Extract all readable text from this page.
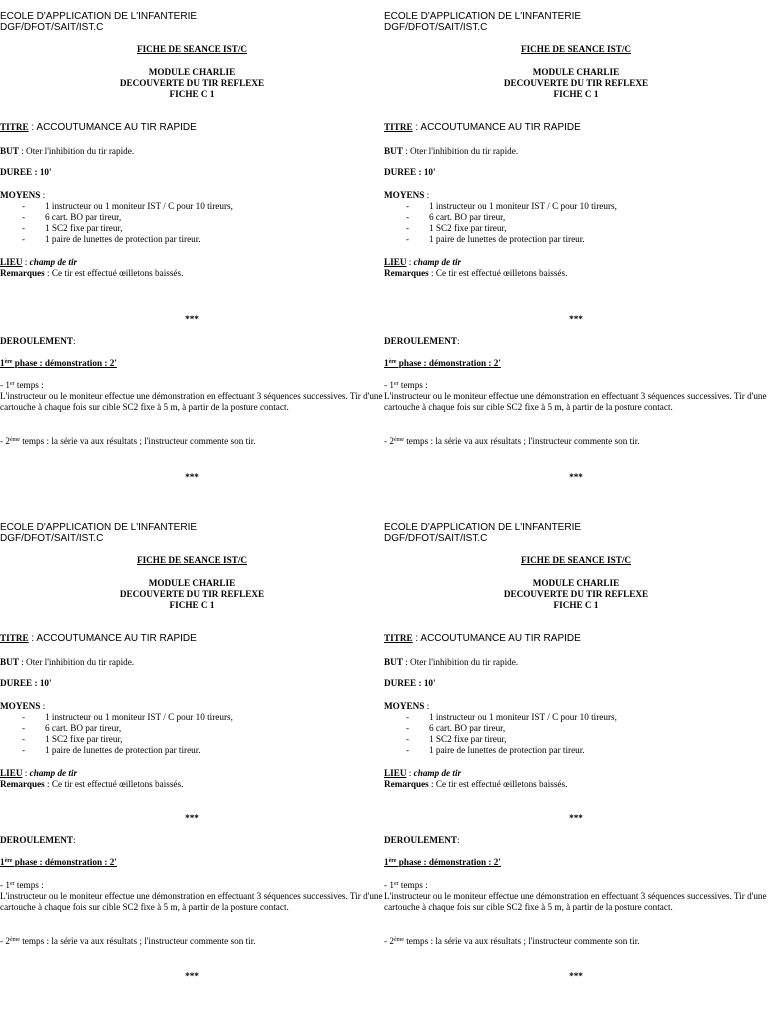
ECOLE D'APPLICATION DE L'INFANTERIE
DGF/DFOT/SAIT/IST.C
FICHE DE SEANCE IST/C
MODULE CHARLIE
DECOUVERTE DU TIR REFLEXE
FICHE C 1
TITRE : ACCOUTUMANCE AU TIR RAPIDE
BUT : Oter l'inhibition du tir rapide.
DUREE : 10'
MOYENS :
- 1 instructeur ou 1 moniteur IST / C pour 10 tireurs,
- 6 cart. BO par tireur,
- 1 SC2 fixe par tireur,
- 1 paire de lunettes de protection par tireur.
LIEU : champ de tir
Remarques : Ce tir est effectué œilletons baissés.
***
DEROULEMENT:
1ère phase : démonstration : 2'
- 1er temps :
L'instructeur ou le moniteur effectue une démonstration en effectuant 3 séquences successives. Tir d'une cartouche à chaque fois sur cible SC2 fixe à 5 m, à partir de la posture contact.
- 2ème temps : la série va aux résultats ; l'instructeur commente son tir.
***
ECOLE D'APPLICATION DE L'INFANTERIE
DGF/DFOT/SAIT/IST.C
FICHE DE SEANCE IST/C
MODULE CHARLIE
DECOUVERTE DU TIR REFLEXE
FICHE C 1
TITRE : ACCOUTUMANCE AU TIR RAPIDE
BUT : Oter l'inhibition du tir rapide.
DUREE : 10'
MOYENS :
- 1 instructeur ou 1 moniteur IST / C pour 10 tireurs,
- 6 cart. BO par tireur,
- 1 SC2 fixe par tireur,
- 1 paire de lunettes de protection par tireur.
LIEU : champ de tir
Remarques : Ce tir est effectué œilletons baissés.
***
DEROULEMENT:
1ère phase : démonstration : 2'
- 1er temps :
L'instructeur ou le moniteur effectue une démonstration en effectuant 3 séquences successives. Tir d'une cartouche à chaque fois sur cible SC2 fixe à 5 m, à partir de la posture contact.
- 2ème temps : la série va aux résultats ; l'instructeur commente son tir.
***
ECOLE D'APPLICATION DE L'INFANTERIE
DGF/DFOT/SAIT/IST.C
FICHE DE SEANCE IST/C
MODULE CHARLIE
DECOUVERTE DU TIR REFLEXE
FICHE C 1
TITRE : ACCOUTUMANCE AU TIR RAPIDE
BUT : Oter l'inhibition du tir rapide.
DUREE : 10'
MOYENS :
- 1 instructeur ou 1 moniteur IST / C pour 10 tireurs,
- 6 cart. BO par tireur,
- 1 SC2 fixe par tireur,
- 1 paire de lunettes de protection par tireur.
LIEU : champ de tir
Remarques : Ce tir est effectué œilletons baissés.
***
DEROULEMENT:
1ère phase : démonstration : 2'
- 1er temps :
L'instructeur ou le moniteur effectue une démonstration en effectuant 3 séquences successives. Tir d'une cartouche à chaque fois sur cible SC2 fixe à 5 m, à partir de la posture contact.
- 2ème temps : la série va aux résultats ; l'instructeur commente son tir.
***
ECOLE D'APPLICATION DE L'INFANTERIE
DGF/DFOT/SAIT/IST.C
FICHE DE SEANCE IST/C
MODULE CHARLIE
DECOUVERTE DU TIR REFLEXE
FICHE C 1
TITRE : ACCOUTUMANCE AU TIR RAPIDE
BUT : Oter l'inhibition du tir rapide.
DUREE : 10'
MOYENS :
- 1 instructeur ou 1 moniteur IST / C pour 10 tireurs,
- 6 cart. BO par tireur,
- 1 SC2 fixe par tireur,
- 1 paire de lunettes de protection par tireur.
LIEU : champ de tir
Remarques : Ce tir est effectué œilletons baissés.
***
DEROULEMENT:
1ère phase : démonstration : 2'
- 1er temps :
L'instructeur ou le moniteur effectue une démonstration en effectuant 3 séquences successives. Tir d'une cartouche à chaque fois sur cible SC2 fixe à 5 m, à partir de la posture contact.
- 2ème temps : la série va aux résultats ; l'instructeur commente son tir.
***
